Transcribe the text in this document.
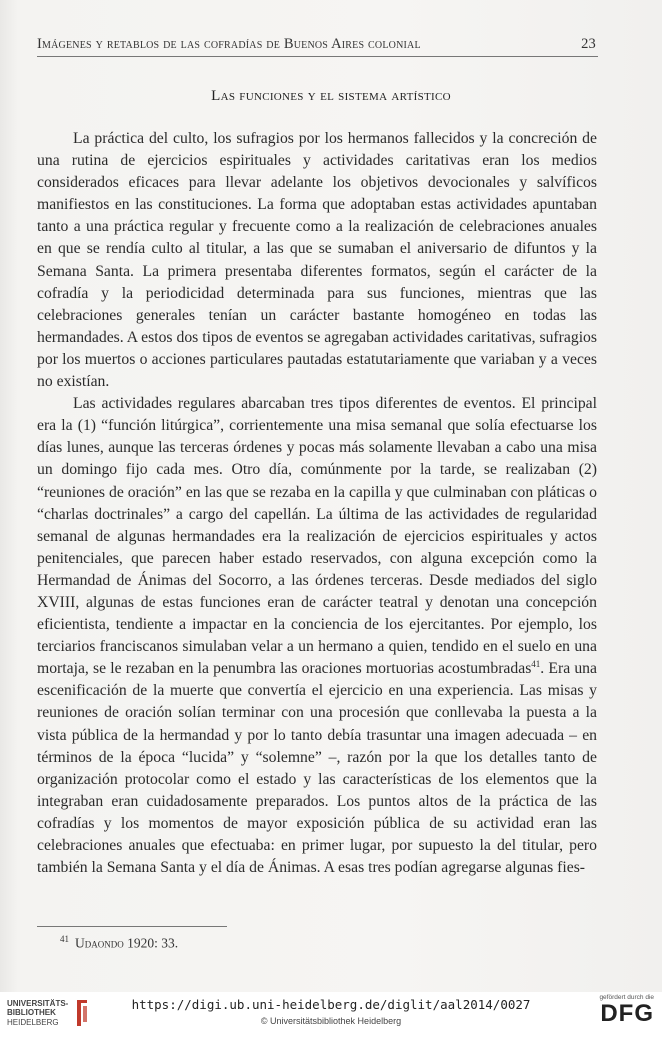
Imágenes y retablos de las cofradías de Buenos Aires colonial	23
Las funciones y el sistema artístico

La práctica del culto, los sufragios por los hermanos fallecidos y la concreción de una rutina de ejercicios espirituales y actividades caritativas eran los medios considerados eficaces para llevar adelante los objetivos devocionales y salvíficos manifiestos en las constituciones. La forma que adoptaban estas actividades apuntaban tanto a una práctica regular y frecuente como a la realización de celebraciones anuales en que se rendía culto al titular, a las que se sumaban el aniversario de difuntos y la Semana Santa. La primera presentaba diferentes formatos, según el carácter de la cofradía y la periodicidad determinada para sus funciones, mientras que las celebraciones generales tenían un carácter bastante homogéneo en todas las hermandades. A estos dos tipos de eventos se agregaban actividades caritativas, sufragios por los muertos o acciones particulares pautadas estatutariamente que variaban y a veces no existían.

Las actividades regulares abarcaban tres tipos diferentes de eventos. El principal era la (1) “función litúrgica”, corrientemente una misa semanal que solía efectuarse los días lunes, aunque las terceras órdenes y pocas más solamente llevaban a cabo una misa un domingo fijo cada mes. Otro día, comúnmente por la tarde, se realizaban (2) “reuniones de oración” en las que se rezaba en la capilla y que culminaban con pláticas o “charlas doctrinales” a cargo del capellán. La última de las actividades de regularidad semanal de algunas hermandades era la realización de ejercicios espirituales y actos penitenciales, que parecen haber estado reservados, con alguna excepción como la Hermandad de Ánimas del Socorro, a las órdenes terceras. Desde mediados del siglo XVIII, algunas de estas funciones eran de carácter teatral y denotan una concepción eficientista, tendiente a impactar en la conciencia de los ejercitantes. Por ejemplo, los terciarios franciscanos simulaban velar a un hermano a quien, tendido en el suelo en una mortaja, se le rezaban en la penumbra las oraciones mortuorias acostumbradas$^{41}$. Era una escenificación de la muerte que convertía el ejercicio en una experiencia. Las misas y reuniones de oración solían terminar con una procesión que conllevaba la puesta a la vista pública de la hermandad y por lo tanto debía trasuntar una imagen adecuada – en términos de la época “lucida” y “solemne” –, razón por la que los detalles tanto de organización protocolar como el estado y las características de los elementos que la integraban eran cuidadosamente preparados. Los puntos altos de la práctica de las cofradías y los momentos de mayor exposición pública de su actividad eran las celebraciones anuales que efectuaba: en primer lugar, por supuesto la del titular, pero también la Semana Santa y el día de Ánimas. A esas tres podían agregarse algunas fies-

$^{41}$ Udaondo 1920: 33.
UNIVERSITÄTS-
BIBLIOTHEK
HEIDELBERG
https://digi.ub.uni-heidelberg.de/diglit/aal2014/0027
© Universitätsbibliothek Heidelberg
gefördert durch die
DFG
